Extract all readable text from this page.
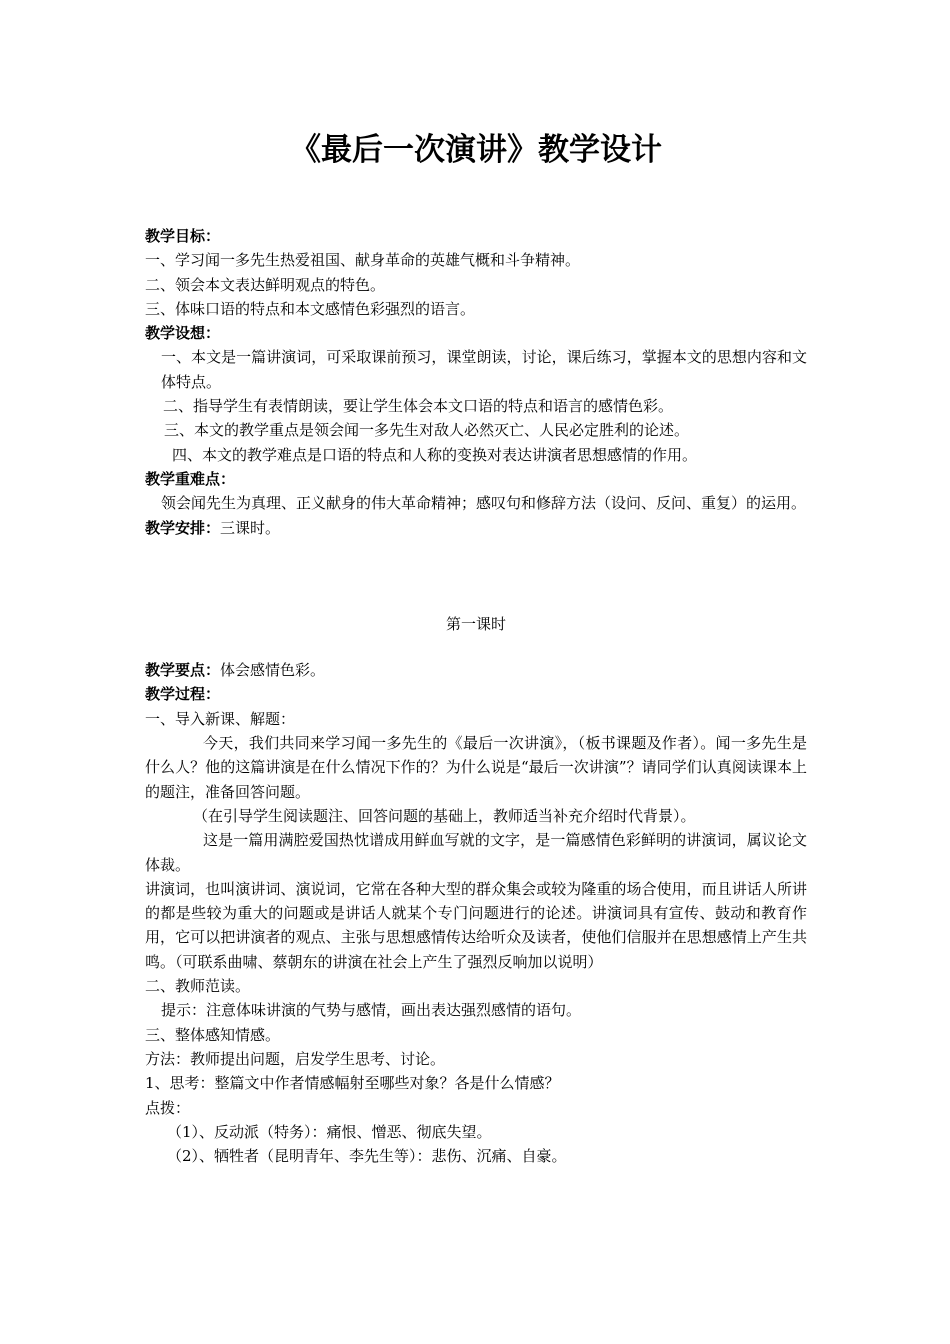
《最后一次演讲》教学设计

教学目标：

一、学习闻一多先生热爱祖国、献身革命的英雄气概和斗争精神。

二、领会本文表达鲜明观点的特色。

三、体味口语的特点和本文感情色彩强烈的语言。

教学设想：

一、本文是一篇讲演词，可采取课前预习，课堂朗读，讨论，课后练习，掌握本文的思想内容和文体特点。

二、指导学生有表情朗读，要让学生体会本文口语的特点和语言的感情色彩。

三、本文的教学重点是领会闻一多先生对敌人必然灭亡、人民必定胜利的论述。

四、本文的教学难点是口语的特点和人称的变换对表达讲演者思想感情的作用。

教学重难点：

领会闻先生为真理、正义献身的伟大革命精神；感叹句和修辞方法（设问、反问、重复）的运用。

教学安排：三课时。

第一课时

教学要点：体会感情色彩。

教学过程：

一、导入新课、解题：

今天，我们共同来学习闻一多先生的《最后一次讲演》，（板书课题及作者）。闻一多先生是什么人？他的这篇讲演是在什么情况下作的？为什么说是“最后一次讲演”？请同学们认真阅读课本上的题注，准备回答问题。

（在引导学生阅读题注、回答问题的基础上，教师适当补充介绍时代背景）。

这是一篇用满腔爱国热忱谱成用鲜血写就的文字，是一篇感情色彩鲜明的讲演词，属议论文体裁。

讲演词，也叫演讲词、演说词，它常在各种大型的群众集会或较为隆重的场合使用，而且讲话人所讲的都是些较为重大的问题或是讲话人就某个专门问题进行的论述。讲演词具有宣传、鼓动和教育作用，它可以把讲演者的观点、主张与思想感情传达给听众及读者，使他们信服并在思想感情上产生共鸣。（可联系曲啸、蔡朝东的讲演在社会上产生了强烈反响加以说明）

二、教师范读。

提示：注意体味讲演的气势与感情，画出表达强烈感情的语句。

三、整体感知情感。

方法：教师提出问题，启发学生思考、讨论。

1、思考：整篇文中作者情感幅射至哪些对象？各是什么情感？

点拨：

（1）、反动派（特务）：痛恨、憎恶、彻底失望。

（2）、牺牲者（昆明青年、李先生等）：悲伤、沉痛、自豪。
